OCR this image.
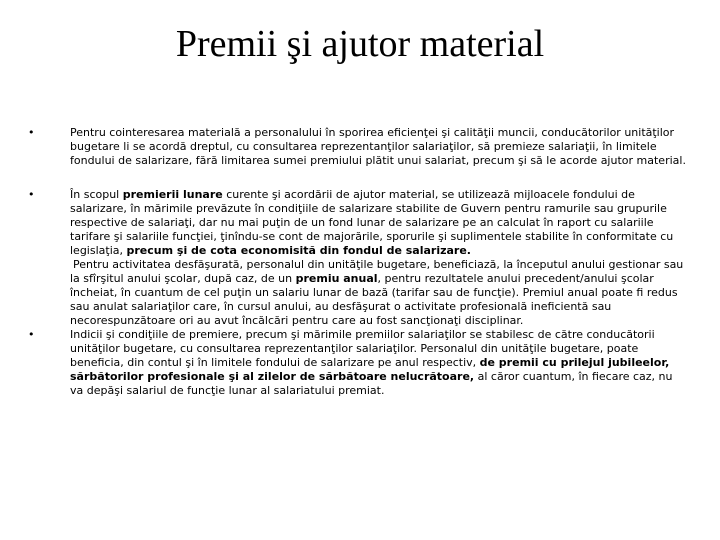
Premii şi ajutor material
•	Pentru cointeresarea materială a personalului în sporirea eficienţei şi calităţii muncii, conducătorilor unităţilor bugetare li se acordă dreptul, cu consultarea reprezentanţilor salariaţilor, să premieze salariaţii, în limitele fondului de salarizare, fără limitarea sumei premiului plătit unui salariat, precum şi să le acorde ajutor material.

•	În scopul premierii lunare curente şi acordării de ajutor material, se utilizează mijloacele fondului de salarizare, în mărimile prevăzute în condiţiile de salarizare stabilite de Guvern pentru ramurile sau grupurile respective de salariaţi, dar nu mai puţin de un fond lunar de salarizare pe an calculat în raport cu salariile tarifare şi salariile funcţiei, ţinîndu-se cont de majorările, sporurile şi suplimentele stabilite în conformitate cu legislaţia, precum şi de cota economisită din fondul de salarizare.

Pentru activitatea desfăşurată, personalul din unităţile bugetare, beneficiază, la începutul anului gestionar sau la sfîrşitul anului şcolar, după caz, de un premiu anual, pentru rezultatele anului precedent/anului şcolar încheiat, în cuantum de cel puţin un salariu lunar de bază (tarifar sau de funcţie). Premiul anual poate fi redus sau anulat salariaţilor care, în cursul anului, au desfăşurat o activitate profesională ineficientă sau necorespunzătoare ori au avut încălcări pentru care au fost sancţionaţi disciplinar.

•	Indicii şi condiţiile de premiere, precum şi mărimile premiilor salariaţilor se stabilesc de către conducătorii unităţilor bugetare, cu consultarea reprezentanţilor salariaţilor. Personalul din unităţile bugetare, poate beneficia, din contul şi în limitele fondului de salarizare pe anul respectiv, de premii cu prilejul jubileelor, sărbătorilor profesionale şi al zilelor de sărbătoare nelucrătoare, al căror cuantum, în fiecare caz, nu va depăşi salariul de funcţie lunar al salariatului premiat.
